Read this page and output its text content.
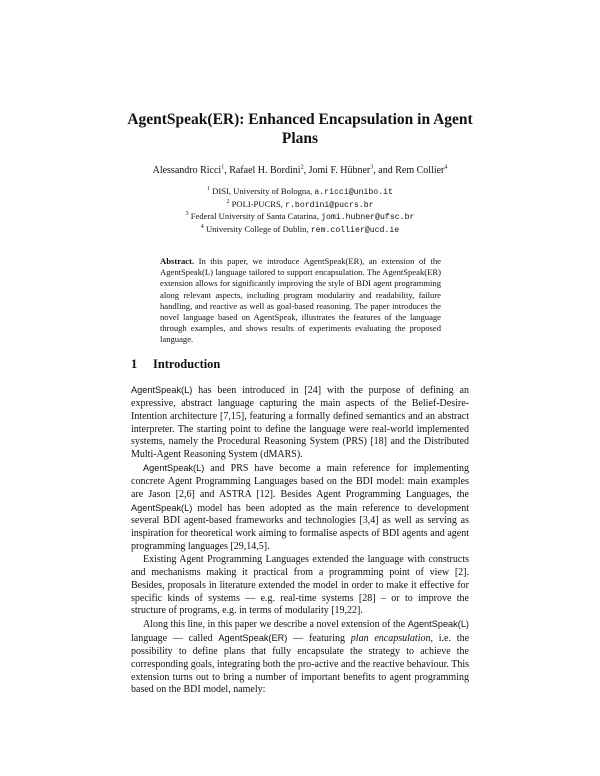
AgentSpeak(ER): Enhanced Encapsulation in Agent Plans
Alessandro Ricci$^1$, Rafael H. Bordini$^2$, Jomi F. Hübner$^3$, and Rem Collier$^4$
$^1$ DISI, University of Bologna, a.ricci@unibo.it
$^2$ POLI-PUCRS, r.bordini@pucrs.br
$^3$ Federal University of Santa Catarina, jomi.hubner@ufsc.br
$^4$ University College of Dublin, rem.collier@ucd.ie
Abstract. In this paper, we introduce AgentSpeak(ER), an extension of the AgentSpeak(L) language tailored to support encapsulation. The AgentSpeak(ER) extension allows for significantly improving the style of BDI agent programming along relevant aspects, including program modularity and readability, failure handling, and reactive as well as goal-based reasoning. The paper introduces the novel language based on AgentSpeak, illustrates the features of the language through examples, and shows results of experiments evaluating the proposed language.
1 Introduction

AgentSpeak(L) has been introduced in [24] with the purpose of defining an expressive, abstract language capturing the main aspects of the Belief-Desire-Intention architecture [7,15], featuring a formally defined semantics and an abstract interpreter. The starting point to define the language were real-world implemented systems, namely the Procedural Reasoning System (PRS) [18] and the Distributed Multi-Agent Reasoning System (dMARS).

AgentSpeak(L) and PRS have become a main reference for implementing concrete Agent Programming Languages based on the BDI model: main examples are Jason [2,6] and ASTRA [12]. Besides Agent Programming Languages, the AgentSpeak(L) model has been adopted as the main reference to development several BDI agent-based frameworks and technologies [3,4] as well as serving as inspiration for theoretical work aiming to formalise aspects of BDI agents and agent programming languages [29,14,5].

Existing Agent Programming Languages extended the language with constructs and mechanisms making it practical from a programming point of view [2]. Besides, proposals in literature extended the model in order to make it effective for specific kinds of systems — e.g. real-time systems [28] – or to improve the structure of programs, e.g. in terms of modularity [19,22].

Along this line, in this paper we describe a novel extension of the AgentSpeak(L) language — called AgentSpeak(ER) — featuring plan encapsulation, i.e. the possibility to define plans that fully encapsulate the strategy to achieve the corresponding goals, integrating both the pro-active and the reactive behaviour. This extension turns out to bring a number of important benefits to agent programming based on the BDI model, namely:
